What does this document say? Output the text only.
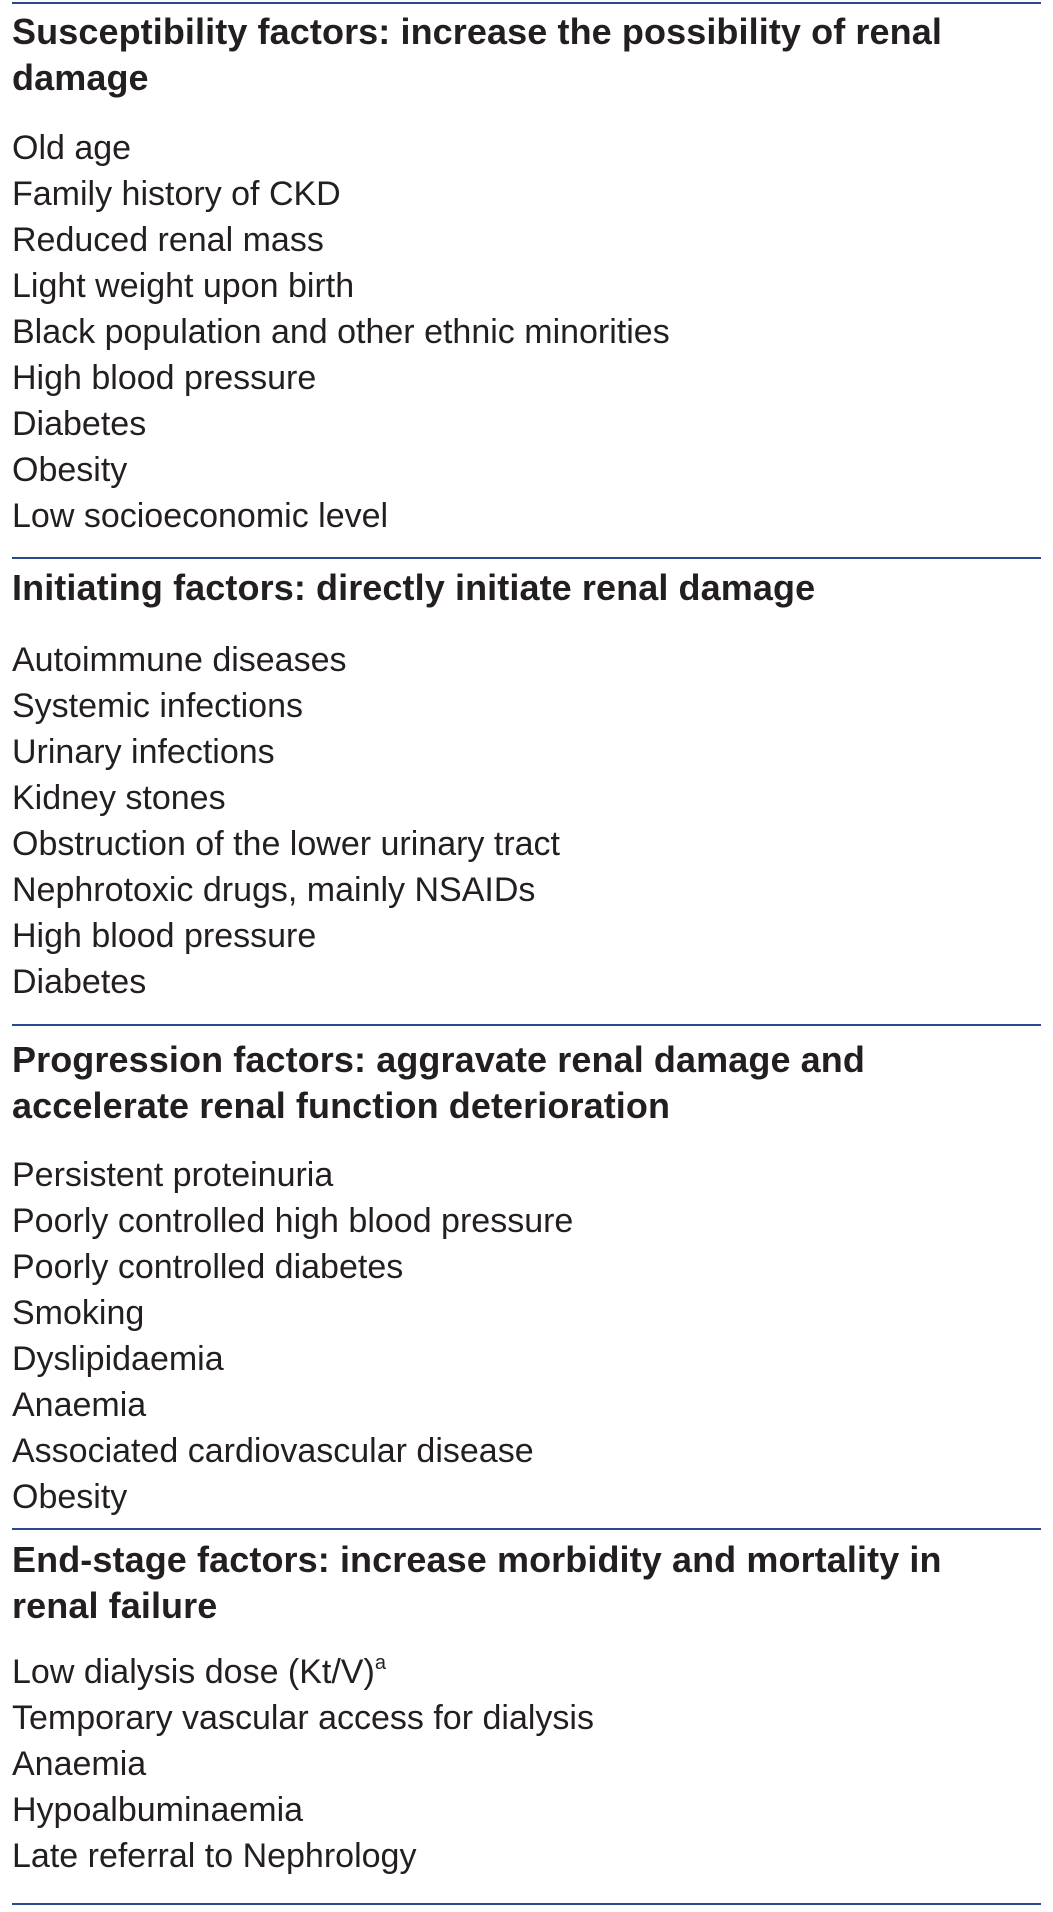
Susceptibility factors: increase the possibility of renal damage
Old age
Family history of CKD
Reduced renal mass
Light weight upon birth
Black population and other ethnic minorities
High blood pressure
Diabetes
Obesity
Low socioeconomic level
Initiating factors: directly initiate renal damage
Autoimmune diseases
Systemic infections
Urinary infections
Kidney stones
Obstruction of the lower urinary tract
Nephrotoxic drugs, mainly NSAIDs
High blood pressure
Diabetes
Progression factors: aggravate renal damage and accelerate renal function deterioration
Persistent proteinuria
Poorly controlled high blood pressure
Poorly controlled diabetes
Smoking
Dyslipidaemia
Anaemia
Associated cardiovascular disease
Obesity
End-stage factors: increase morbidity and mortality in renal failure
Low dialysis dose $(Kt/V)^a$
Temporary vascular access for dialysis
Anaemia
Hypoalbuminaemia
Late referral to Nephrology
